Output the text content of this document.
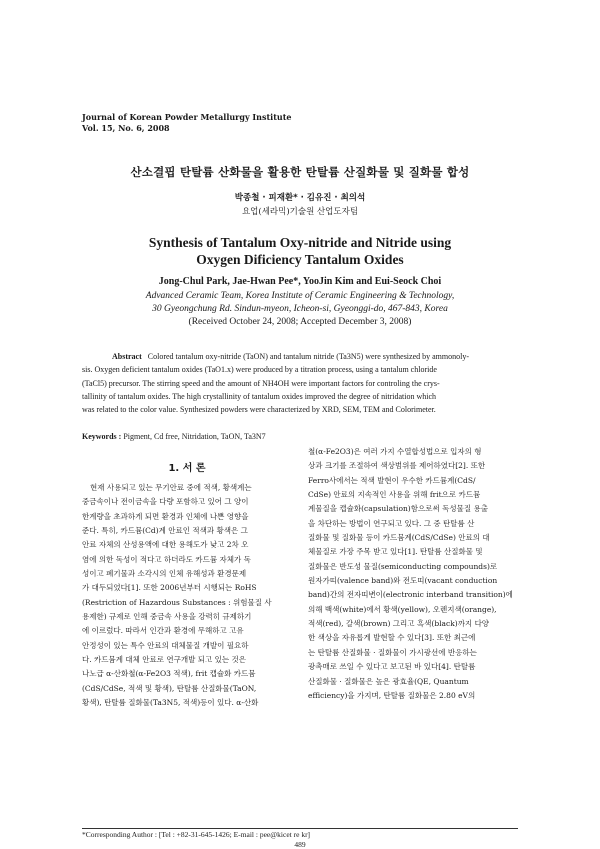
Journal of Korean Powder Metallurgy Institute
Vol. 15, No. 6, 2008
산소결핍 탄탈륨 산화물을 활용한 탄탈륨 산질화물 및 질화물 합성
박종철 · 피재환* · 김유진 · 최의석
요업(세라믹)기술원 산업도자팀
Synthesis of Tantalum Oxy-nitride and Nitride using
Oxygen Dificiency Tantalum Oxides
Jong-Chul Park, Jae-Hwan Pee*, YooJin Kim and Eui-Seock Choi
Advanced Ceramic Team, Korea Institute of Ceramic Engineering & Technology,
30 Gyeongchung Rd. Sindun-myeon, Icheon-si, Gyeonggi-do, 467-843, Korea
(Received October 24, 2008; Accepted December 3, 2008)
Abstract Colored tantalum oxy-nitride (TaON) and tantalum nitride (Ta3N5) were synthesized by ammonoly-
sis. Oxygen deficient tantalum oxides (TaO1.x) were produced by a titration process, using a tantalum chloride
(TaCl5) precursor. The stirring speed and the amount of NH4OH were important factors for controling the crys-
tallinity of tantalum oxides. The high crystallinity of tantalum oxides improved the degree of nitridation which
was related to the color value. Synthesized powders were characterized by XRD, SEM, TEM and Colorimeter.
Keywords : Pigment, Cd free, Nitridation, TaON, Ta3N7
1. 서 론
현재 사용되고 있는 무기안료 중에 적색, 황색계는
중금속이나 전이금속을 다량 포함하고 있어 그 양이
한계량을 초과하게 되면 환경과 인체에 나쁜 영향을
준다. 특히, 카드뮴(Cd)계 안료인 적색과 황색은 그
안료 자체의 산성용액에 대한 용해도가 낮고 2차 오
염에 의한 독성이 적다고 하더라도 카드뮴 자체가 독
성이고 폐기물과 소각시의 인체 유해성과 환경문제
가 대두되었다[1]. 또한 2006년부터 시행되는 RoHS
(Restriction of Hazardous Substances : 위험물질 사
용제한) 규제로 인해 중금속 사용을 강력히 규제하기
에 이르렀다. 따라서 인간과 환경에 무해하고 고유
안정성이 있는 특수 안료의 대체물질 개발이 필요하
다. 카드뮴계 대체 안료로 연구개발 되고 있는 것은
나노급 α-산화철(α-Fe2O3 적색), frit 캡슐화 카드뮴
(CdS/CdSe, 적색 및 황색), 탄탈륨 산질화물(TaON,
황색), 탄탈륨 질화물(Ta3N5, 적색)등이 있다. α-산화
철(α-Fe2O3)은 여러 가지 수열합성법으로 입자의 형
상과 크기를 조절하여 색상범위를 제어하였다[2]. 또한
Ferro사에서는 적색 발현이 우수한 카드뮴계(CdS/
CdSe) 안료의 지속적인 사용을 위해 frit으로 카드뮴
계물질을 캡슐화(capsulation)함으로써 독성물질 용출
을 차단하는 방법이 연구되고 있다. 그 중 탄탈륨 산
질화물 및 질화물 등이 카드뮴계(CdS/CdSe) 안료의 대
체물질로 가장 주목 받고 있다[1]. 탄탈륨 산질화물 및
질화물은 반도성 물질(semiconducting compounds)로
원자가띠(valence band)와 전도띠(vacant conduction
band)간의 전자띠변이(electronic interband transition)에
의해 백색(white)에서 황색(yellow), 오렌지색(orange),
적색(red), 갈색(brown) 그리고 흑색(black)까지 다양
한 색상을 자유롭게 발현할 수 있다[3]. 또한 최근에
는 탄탈륨 산질화물 · 질화물이 가시광선에 반응하는
광촉매로 쓰일 수 있다고 보고된 바 있다[4]. 탄탈륨
산질화물 · 질화물은 높은 광효율(QE, Quantum
efficiency)을 가지며, 탄탈륨 질화물은 2.80 eV의
*Corresponding Author : [Tel : +82-31-645-1426; E-mail : pee@kicet re kr]
489
